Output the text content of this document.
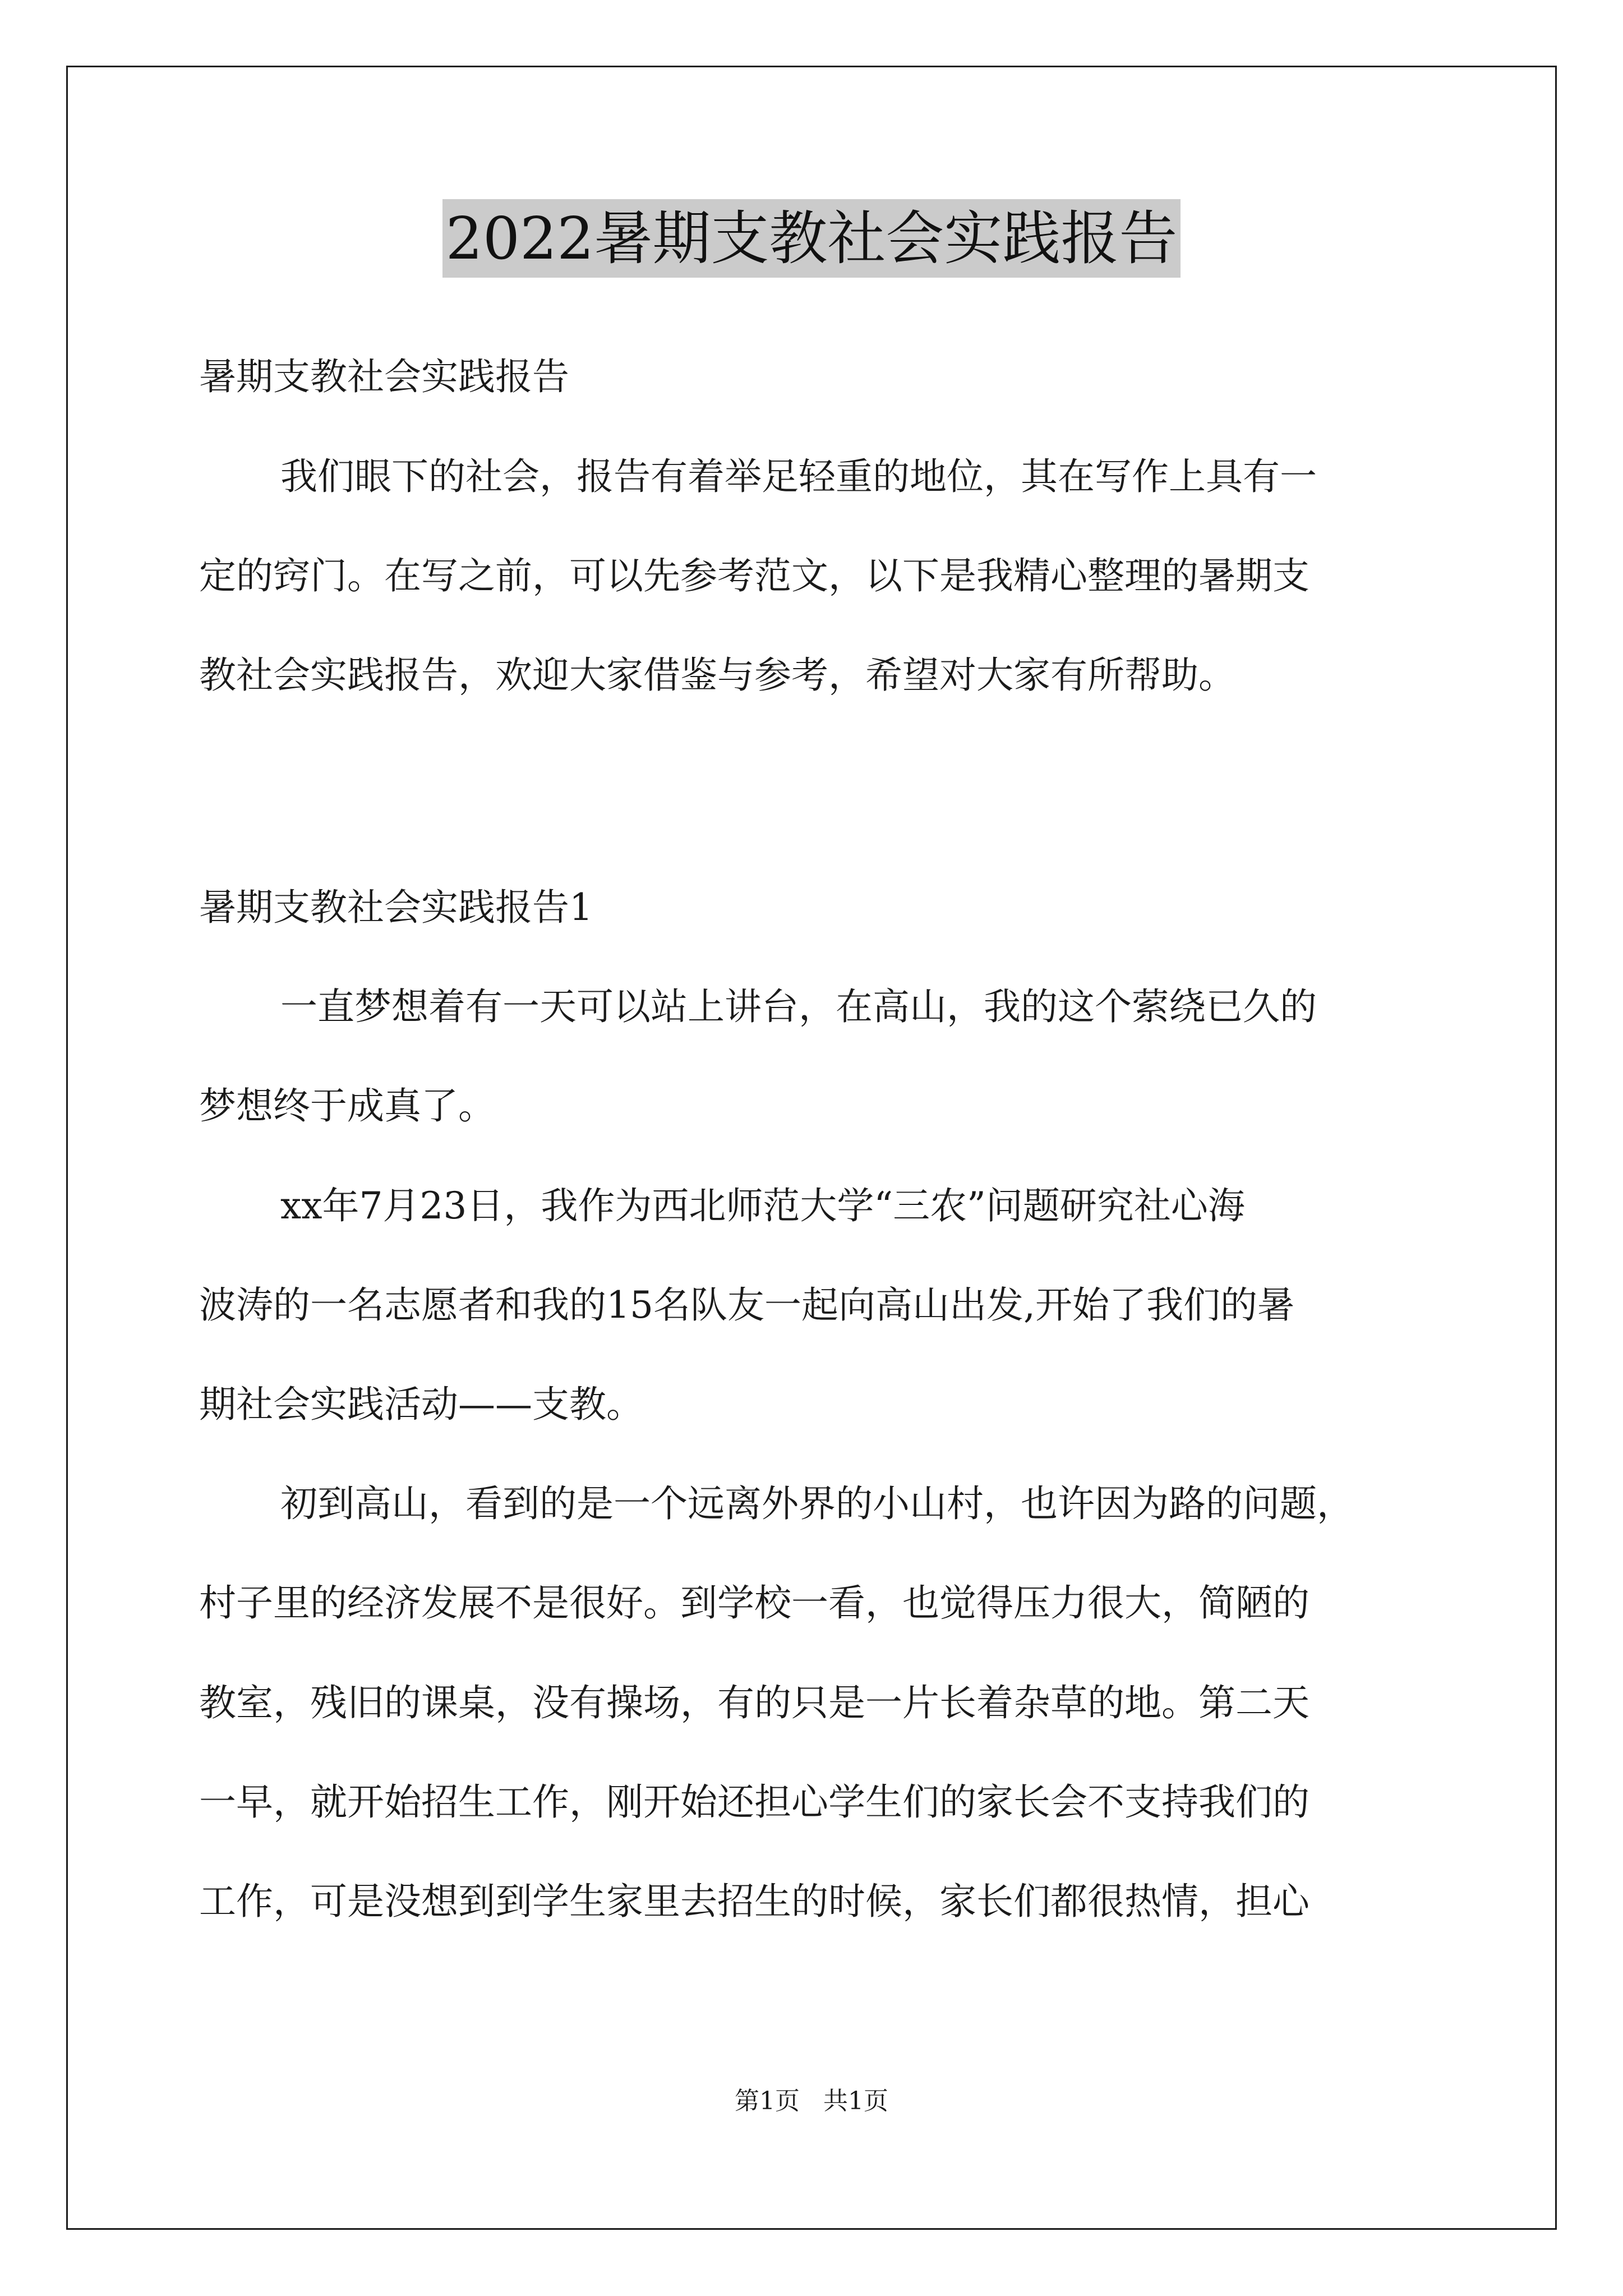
2022暑期支教社会实践报告
暑期支教社会实践报告
我们眼下的社会，报告有着举足轻重的地位，其在写作上具有一
定的窍门。在写之前，可以先参考范文，以下是我精心整理的暑期支
教社会实践报告，欢迎大家借鉴与参考，希望对大家有所帮助。
暑期支教社会实践报告1
一直梦想着有一天可以站上讲台，在高山，我的这个萦绕已久的
梦想终于成真了。
xx年7月23日，我作为西北师范大学“三农”问题研究社心海
波涛的一名志愿者和我的15名队友一起向高山出发,开始了我们的暑
期社会实践活动——支教。
初到高山，看到的是一个远离外界的小山村，也许因为路的问题，
村子里的经济发展不是很好。到学校一看，也觉得压力很大，简陋的
教室，残旧的课桌，没有操场，有的只是一片长着杂草的地。第二天
一早，就开始招生工作，刚开始还担心学生们的家长会不支持我们的
工作，可是没想到到学生家里去招生的时候，家长们都很热情，担心
第1页   共1页
